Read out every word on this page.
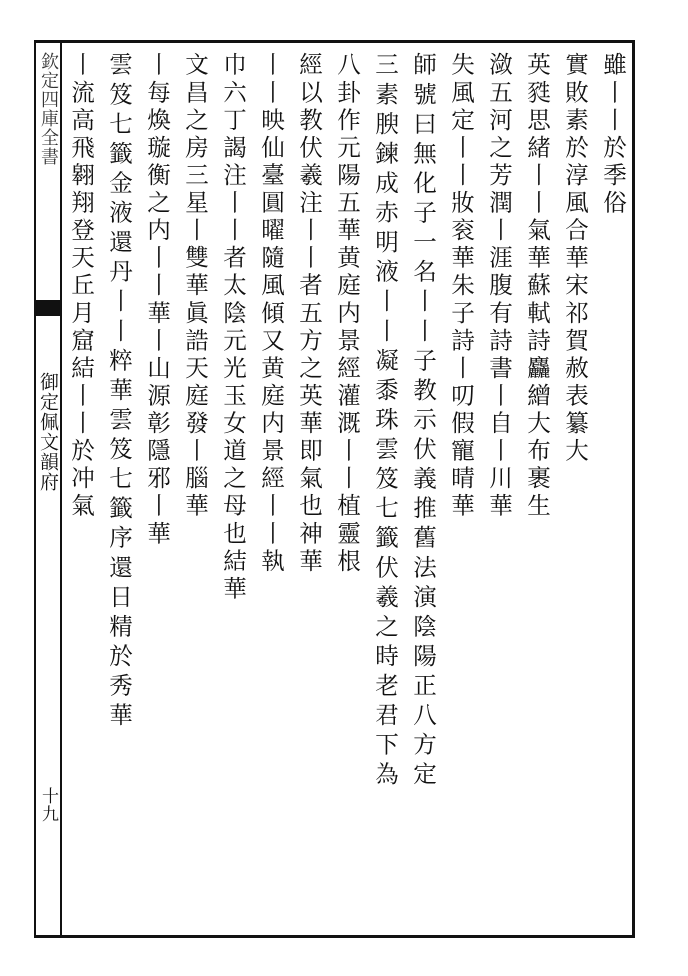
欽定四庫全書
御定佩文韻府
十九
雖丨丨於季俗
實敗素於淳風合華宋祁賀赦表纂大
英甤思緒丨丨氣華蘇軾詩麤繒大布裹生
潋五河之芳潤丨涯腹有詩書丨自丨川華
失風定丨丨妝衮華朱子詩丨叨假寵晴華
師號曰無化子一名丨丨子教示伏義推舊法演陰陽正八方定
三素腴鍊成赤明液丨丨凝黍珠雲笈七籤伏羲之時老君下為
八卦作元陽五華黄庭内景經灌溉丨丨植靈根
經以教伏羲注丨丨者五方之英華即氣也神華
丨丨映仙臺圓曜隨風傾又黄庭内景經丨丨執
巾六丁謁注丨丨者太陰元光玉女道之母也結華
文昌之房三星丨雙華眞誥天庭發丨腦華
丨每煥璇衡之内丨丨華丨山源彰隱邪丨華
雲笈七籤金液還丹丨丨粹華雲笈七籤序還日精於秀華
丨流高飛翱翔登天丘月窟結丨丨於冲氣
